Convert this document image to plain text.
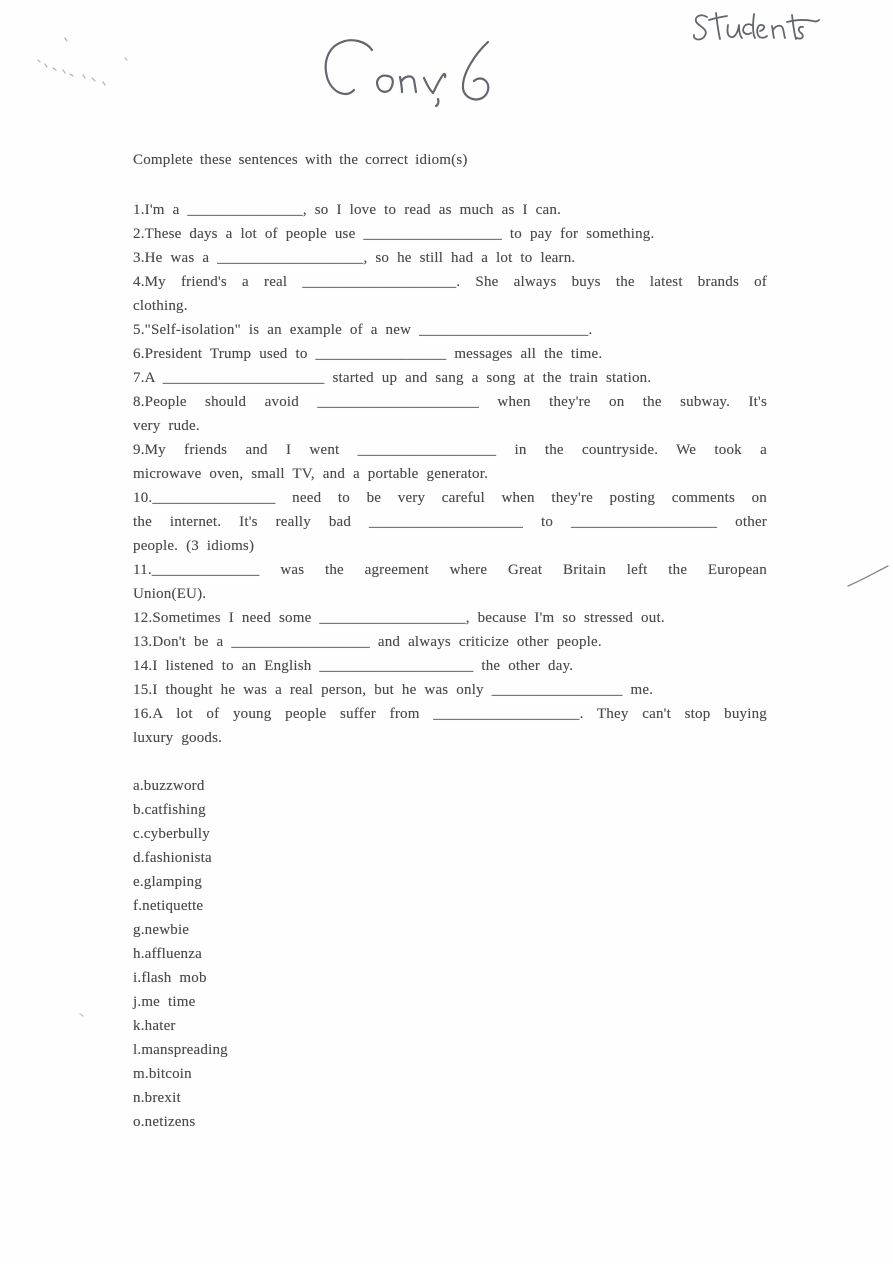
Complete these sentences with the correct idiom(s)
1.I'm a _______________, so I love to read as much as I can.
2.These days a lot of people use __________________ to pay for something.
3.He was a ___________________, so he still had a lot to learn.
4.My friend's a real ____________________. She always buys the latest brands of
clothing.
5."Self-isolation" is an example of a new ______________________.
6.President Trump used to _________________ messages all the time.
7.A _____________________ started up and sang a song at the train station.
8.People should avoid _____________________ when they're on the subway. It's
very rude.
9.My friends and I went __________________ in the countryside. We took a
microwave oven, small TV, and a portable generator.
10.________________ need to be very careful when they're posting comments on
the internet. It's really bad ____________________ to ___________________ other
people. (3 idioms)
11.______________ was the agreement where Great Britain left the European
Union(EU).
12.Sometimes I need some ___________________, because I'm so stressed out.
13.Don't be a __________________ and always criticize other people.
14.I listened to an English ____________________ the other day.
15.I thought he was a real person, but he was only _________________ me.
16.A lot of young people suffer from ___________________. They can't stop buying
luxury goods.
a.buzzword
b.catfishing
c.cyberbully
d.fashionista
e.glamping
f.netiquette
g.newbie
h.affluenza
i.flash mob
j.me time
k.hater
l.manspreading
m.bitcoin
n.brexit
o.netizens
